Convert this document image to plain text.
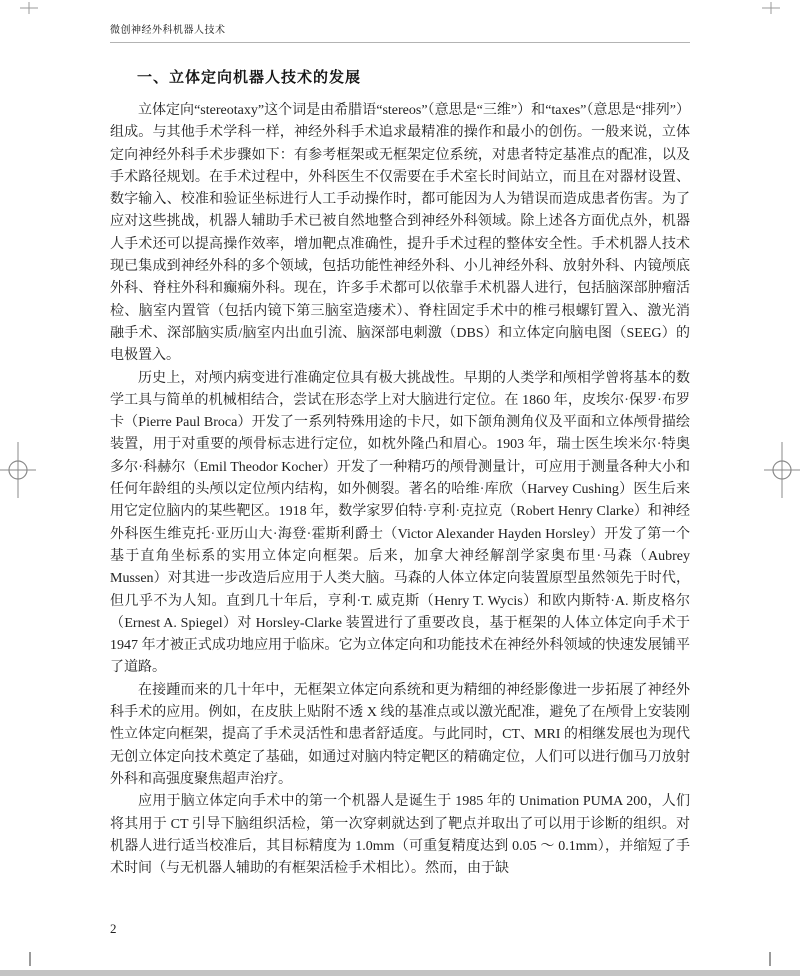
微创神经外科机器人技术
一、立体定向机器人技术的发展

立体定向“stereotaxy”这个词是由希腊语“stereos”（意思是“三维”）和“taxes”（意思是“排列”）组成。与其他手术学科一样，神经外科手术追求最精准的操作和最小的创伤。一般来说，立体定向神经外科手术步骤如下：有参考框架或无框架定位系统，对患者特定基准点的配准，以及手术路径规划。在手术过程中，外科医生不仅需要在手术室长时间站立，而且在对器材设置、数字输入、校准和验证坐标进行人工手动操作时，都可能因为人为错误而造成患者伤害。为了应对这些挑战，机器人辅助手术已被自然地整合到神经外科领域。除上述各方面优点外，机器人手术还可以提高操作效率，增加靶点准确性，提升手术过程的整体安全性。手术机器人技术现已集成到神经外科的多个领域，包括功能性神经外科、小儿神经外科、放射外科、内镜颅底外科、脊柱外科和癫痫外科。现在，许多手术都可以依靠手术机器人进行，包括脑深部肿瘤活检、脑室内置管（包括内镜下第三脑室造瘘术）、脊柱固定手术中的椎弓根螺钉置入、激光消融手术、深部脑实质/脑室内出血引流、脑深部电刺激（DBS）和立体定向脑电图（SEEG）的电极置入。

历史上，对颅内病变进行准确定位具有极大挑战性。早期的人类学和颅相学曾将基本的数学工具与简单的机械相结合，尝试在形态学上对大脑进行定位。在 1860 年，皮埃尔·保罗·布罗卡（Pierre Paul Broca）开发了一系列特殊用途的卡尺，如下颌角测角仪及平面和立体颅骨描绘装置，用于对重要的颅骨标志进行定位，如枕外隆凸和眉心。1903 年，瑞士医生埃米尔·特奥多尔·科赫尔（Emil Theodor Kocher）开发了一种精巧的颅骨测量计，可应用于测量各种大小和任何年龄组的头颅以定位颅内结构，如外侧裂。著名的哈维·库欣（Harvey Cushing）医生后来用它定位脑内的某些靶区。1918 年，数学家罗伯特·亨利·克拉克（Robert Henry Clarke）和神经外科医生维克托·亚历山大·海登·霍斯利爵士（Victor Alexander Hayden Horsley）开发了第一个基于直角坐标系的实用立体定向框架。后来，加拿大神经解剖学家奥布里·马森（Aubrey Mussen）对其进一步改造后应用于人类大脑。马森的人体立体定向装置原型虽然领先于时代，但几乎不为人知。直到几十年后，亨利·T. 威克斯（Henry T. Wycis）和欧内斯特·A. 斯皮格尔（Ernest A. Spiegel）对 Horsley-Clarke 装置进行了重要改良，基于框架的人体立体定向手术于 1947 年才被正式成功地应用于临床。它为立体定向和功能技术在神经外科领域的快速发展铺平了道路。

在接踵而来的几十年中，无框架立体定向系统和更为精细的神经影像进一步拓展了神经外科手术的应用。例如，在皮肤上贴附不透 X 线的基准点或以激光配准，避免了在颅骨上安装刚性立体定向框架，提高了手术灵活性和患者舒适度。与此同时，CT、MRI 的相继发展也为现代无创立体定向技术奠定了基础，如通过对脑内特定靶区的精确定位，人们可以进行伽马刀放射外科和高强度聚焦超声治疗。

应用于脑立体定向手术中的第一个机器人是诞生于 1985 年的 Unimation PUMA 200，人们将其用于 CT 引导下脑组织活检，第一次穿刺就达到了靶点并取出了可以用于诊断的组织。对机器人进行适当校准后，其目标精度为 1.0mm（可重复精度达到 0.05 ～ 0.1mm），并缩短了手术时间（与无机器人辅助的有框架活检手术相比）。然而，由于缺

2
